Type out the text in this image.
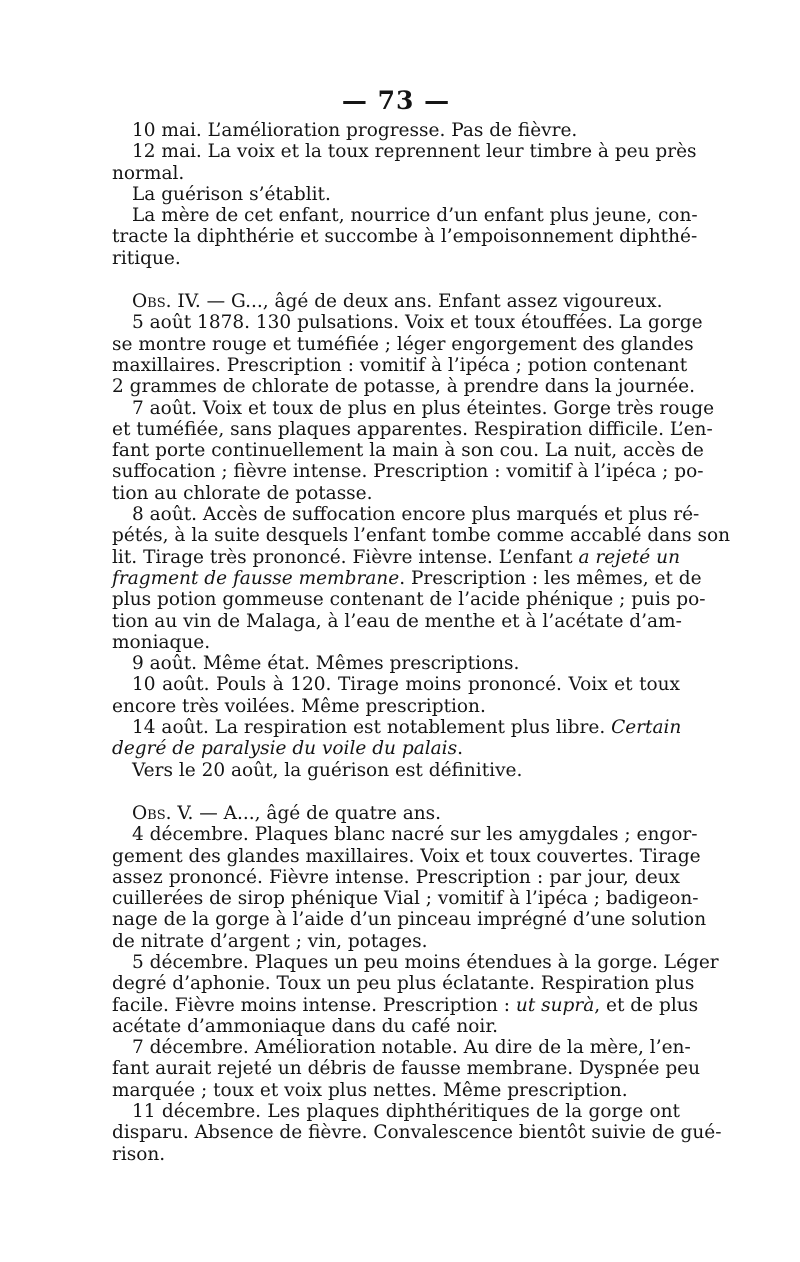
— 73 —
10 mai. L’amélioration progresse. Pas de fièvre.
12 mai. La voix et la toux reprennent leur timbre à peu près
normal.
La guérison s’établit.
La mère de cet enfant, nourrice d’un enfant plus jeune, con-
tracte la diphthérie et succombe à l’empoisonnement diphthé-
ritique.
Obs. IV. — G..., âgé de deux ans. Enfant assez vigoureux.
5 août 1878. 130 pulsations. Voix et toux étouffées. La gorge
se montre rouge et tuméfiée ; léger engorgement des glandes
maxillaires. Prescription : vomitif à l’ipéca ; potion contenant
2 grammes de chlorate de potasse, à prendre dans la journée.
7 août. Voix et toux de plus en plus éteintes. Gorge très rouge
et tuméfiée, sans plaques apparentes. Respiration difficile. L’en-
fant porte continuellement la main à son cou. La nuit, accès de
suffocation ; fièvre intense. Prescription : vomitif à l’ipéca ; po-
tion au chlorate de potasse.
8 août. Accès de suffocation encore plus marqués et plus ré-
pétés, à la suite desquels l’enfant tombe comme accablé dans son
lit. Tirage très prononcé. Fièvre intense. L’enfant a rejeté un
fragment de fausse membrane. Prescription : les mêmes, et de
plus potion gommeuse contenant de l’acide phénique ; puis po-
tion au vin de Malaga, à l’eau de menthe et à l’acétate d’am-
moniaque.
9 août. Même état. Mêmes prescriptions.
10 août. Pouls à 120. Tirage moins prononcé. Voix et toux
encore très voilées. Même prescription.
14 août. La respiration est notablement plus libre. Certain
degré de paralysie du voile du palais.
Vers le 20 août, la guérison est définitive.
Obs. V. — A..., âgé de quatre ans.
4 décembre. Plaques blanc nacré sur les amygdales ; engor-
gement des glandes maxillaires. Voix et toux couvertes. Tirage
assez prononcé. Fièvre intense. Prescription : par jour, deux
cuillerées de sirop phénique Vial ; vomitif à l’ipéca ; badigeon-
nage de la gorge à l’aide d’un pinceau imprégné d’une solution
de nitrate d’argent ; vin, potages.
5 décembre. Plaques un peu moins étendues à la gorge. Léger
degré d’aphonie. Toux un peu plus éclatante. Respiration plus
facile. Fièvre moins intense. Prescription : ut suprà, et de plus
acétate d’ammoniaque dans du café noir.
7 décembre. Amélioration notable. Au dire de la mère, l’en-
fant aurait rejeté un débris de fausse membrane. Dyspnée peu
marquée ; toux et voix plus nettes. Même prescription.
11 décembre. Les plaques diphthéritiques de la gorge ont
disparu. Absence de fièvre. Convalescence bientôt suivie de gué-
rison.
